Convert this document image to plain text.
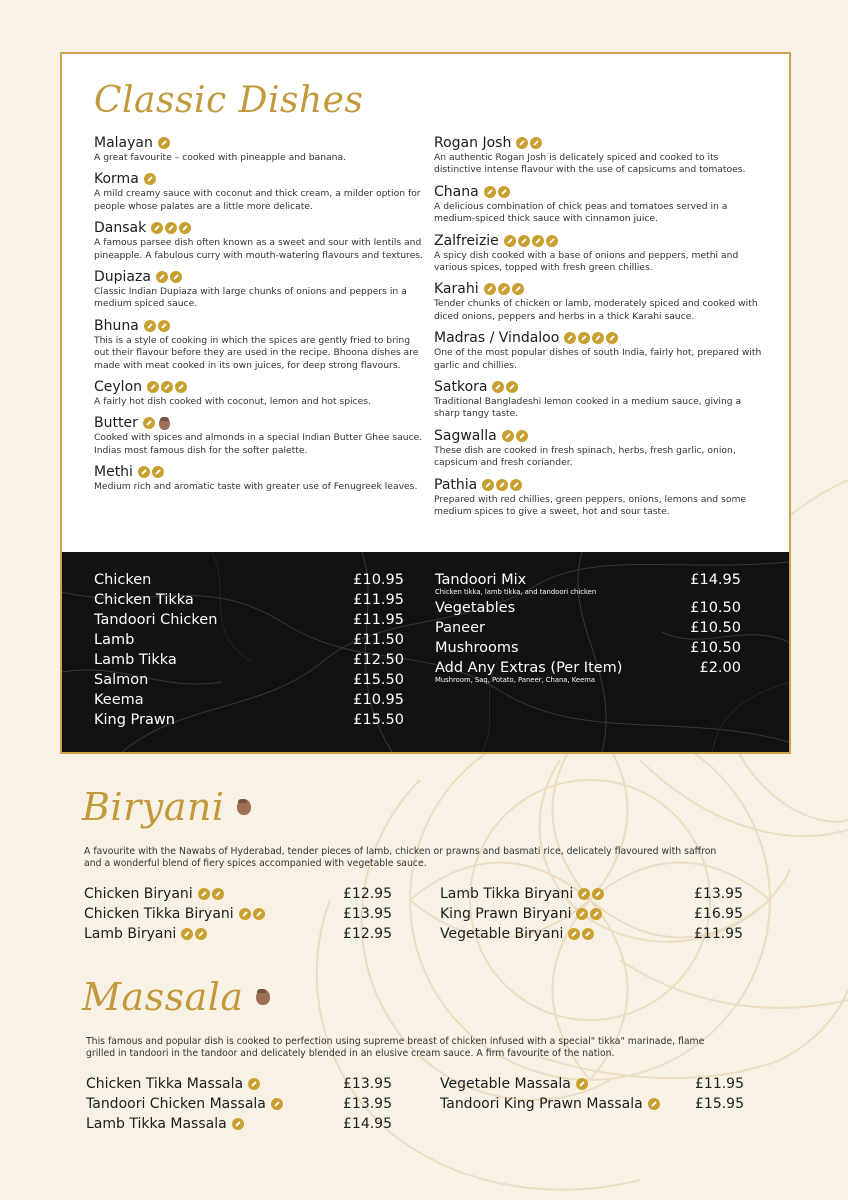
Classic Dishes
Malayan
A great favourite – cooked with pineapple and banana.
Korma
A mild creamy sauce with coconut and thick cream, a milder option for people whose palates are a little more delicate.
Dansak
A famous parsee dish often known as a sweet and sour with lentils and pineapple. A fabulous curry with mouth-watering flavours and textures.
Dupiaza
Classic Indian Dupiaza with large chunks of onions and peppers in a medium spiced sauce.
Bhuna
This is a style of cooking in which the spices are gently fried to bring out their flavour before they are used in the recipe. Bhoona dishes are made with meat cooked in its own juices, for deep strong flavours.
Ceylon
A fairly hot dish cooked with coconut, lemon and hot spices.
Butter
Cooked with spices and almonds in a special Indian Butter Ghee sauce. Indias most famous dish for the softer palette.
Methi
Medium rich and aromatic taste with greater use of Fenugreek leaves.
Rogan Josh
An authentic Rogan Josh is delicately spiced and cooked to its distinctive intense flavour with the use of capsicums and tomatoes.
Chana
A delicious combination of chick peas and tomatoes served in a medium-spiced thick sauce with cinnamon juice.
Zalfreizie
A spicy dish cooked with a base of onions and peppers, methi and various spices, topped with fresh green chillies.
Karahi
Tender chunks of chicken or lamb, moderately spiced and cooked with diced onions, peppers and herbs in a thick Karahi sauce.
Madras / Vindaloo
One of the most popular dishes of south India, fairly hot, prepared with garlic and chillies.
Satkora
Traditional Bangladeshi lemon cooked in a medium sauce, giving a sharp tangy taste.
Sagwalla
These dish are cooked in fresh spinach, herbs, fresh garlic, onion, capsicum and fresh coriander.
Pathia
Prepared with red chillies, green peppers, onions, lemons and some medium spices to give a sweet, hot and sour taste.
Chicken	£10.95
Chicken Tikka	£11.95
Tandoori Chicken	£11.95
Lamb	£11.50
Lamb Tikka	£12.50
Salmon	£15.50
Keema	£10.95
King Prawn	£15.50
Tandoori Mix	£14.95
Chicken tikka, lamb tikka, and tandoori chicken
Vegetables	£10.50
Paneer	£10.50
Mushrooms	£10.50
Add Any Extras (Per Item)	£2.00
Mushroom, Saq, Potato, Paneer, Chana, Keema
Biryani

A favourite with the Nawabs of Hyderabad, tender pieces of lamb, chicken or prawns and basmati rice, delicately flavoured with saffron and a wonderful blend of fiery spices accompanied with vegetable sauce.

Chicken Biryani	£12.95
Chicken Tikka Biryani	£13.95
Lamb Biryani	£12.95
Lamb Tikka Biryani	£13.95
King Prawn Biryani	£16.95
Vegetable Biryani	£11.95
Massala

This famous and popular dish is cooked to perfection using supreme breast of chicken infused with a special" tikka" marinade, flame grilled in tandoori in the tandoor and delicately blended in an elusive cream sauce. A firm favourite of the nation.

Chicken Tikka Massala	£13.95
Tandoori Chicken Massala	£13.95
Lamb Tikka Massala	£14.95
Vegetable Massala	£11.95
Tandoori King Prawn Massala	£15.95
